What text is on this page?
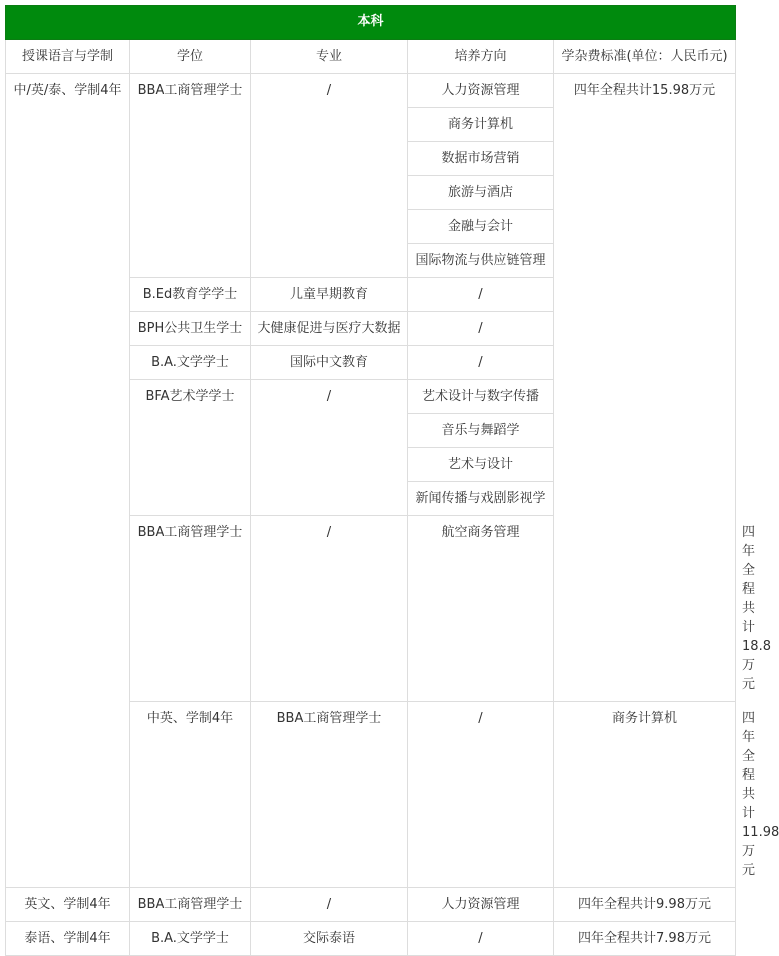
本科					
授课语言与学制	学位	专业	培养方向	学杂费标准(单位：人民币元)	
中/英/泰、学制4年	BBA工商管理学士	/	人力资源管理	四年全程共计15.98万元	
			商务计算机		
			数据市场营销		
			旅游与酒店		
			金融与会计		
			国际物流与供应链管理		
	B.Ed教育学学士	儿童早期教育	/		
	BPH公共卫生学士	大健康促进与医疗大数据	/		
	B.A.文学学士	国际中文教育	/		
	BFA艺术学学士	/	艺术设计与数字传播		
			音乐与舞蹈学		
			艺术与设计		
			新闻传播与戏剧影视学		
	BBA工商管理学士	/	航空商务管理		四年全程共计18.8万元
	中英、学制4年	BBA工商管理学士	/	商务计算机	四年全程共计11.98万元
英文、学制4年	BBA工商管理学士	/	人力资源管理	四年全程共计9.98万元	
泰语、学制4年	B.A.文学学士	交际泰语	/	四年全程共计7.98万元	
